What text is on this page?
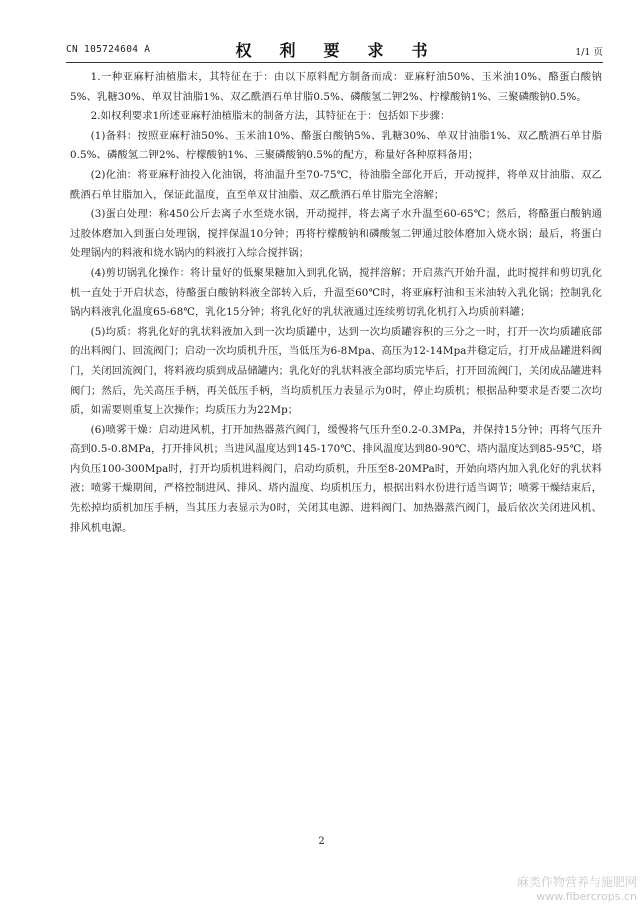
CN 105724604 A	权　利　要　求　书	1/1 页

1.一种亚麻籽油植脂末，其特征在于：由以下原料配方制备而成：亚麻籽油50%、玉米油10%、酪蛋白酸钠5%、乳糖30%、单双甘油脂1%、双乙酰酒石单甘脂0.5%、磷酸氢二钾2%、柠檬酸钠1%、三聚磷酸钠0.5%。

2.如权利要求1所述亚麻籽油植脂末的制备方法，其特征在于：包括如下步骤：

(1)备料：按照亚麻籽油50%、玉米油10%、酪蛋白酸钠5%、乳糖30%、单双甘油脂1%、双乙酰酒石单甘脂0.5%、磷酸氢二钾2%、柠檬酸钠1%、三聚磷酸钠0.5%的配方，称量好各种原料备用；

(2)化油：将亚麻籽油投入化油锅，将油温升至70-75℃，待油脂全部化开后，开动搅拌，将单双甘油脂、双乙酰酒石单甘脂加入，保证此温度，直至单双甘油脂、双乙酰酒石单甘脂完全溶解；

(3)蛋白处理：称450公斤去离子水至烧水锅，开动搅拌，将去离子水升温至60-65℃；然后，将酪蛋白酸钠通过胶体磨加入到蛋白处理锅，搅拌保温10分钟；再将柠檬酸钠和磷酸氢二钾通过胶体磨加入烧水锅；最后，将蛋白处理锅内的料液和烧水锅内的料液打入综合搅拌锅；

(4)剪切锅乳化操作：将计量好的低聚果糖加入到乳化锅，搅拌溶解；开启蒸汽开始升温，此时搅拌和剪切乳化机一直处于开启状态，待酪蛋白酸钠料液全部转入后，升温至60℃时，将亚麻籽油和玉米油转入乳化锅；控制乳化锅内料液乳化温度65-68℃，乳化15分钟；将乳化好的乳状液通过连续剪切乳化机打入均质前料罐；

(5)均质：将乳化好的乳状料液加入到一次均质罐中，达到一次均质罐容积的三分之一时，打开一次均质罐底部的出料阀门、回流阀门；启动一次均质机升压，当低压为6-8Mpa、高压为12-14Mpa并稳定后，打开成品罐进料阀门，关闭回流阀门，将料液均质到成品储罐内；乳化好的乳状料液全部均质完毕后，打开回流阀门，关闭成品罐进料阀门；然后，先关高压手柄，再关低压手柄，当均质机压力表显示为0时，停止均质机；根据品种要求是否要二次均质，如需要则重复上次操作；均质压力为22Mp；

(6)喷雾干燥：启动进风机，打开加热器蒸汽阀门，缓慢将气压升至0.2-0.3MPa，并保持15分钟；再将气压升高到0.5-0.8MPa，打开排风机；当进风温度达到145-170℃、排风温度达到80-90℃、塔内温度达到85-95℃，塔内负压100-300Mpa时，打开均质机进料阀门，启动均质机，升压至8-20MPa时，开始向塔内加入乳化好的乳状料液；喷雾干燥期间，严格控制进风、排风、塔内温度、均质机压力，根据出料水份进行适当调节；喷雾干燥结束后，先松掉均质机加压手柄，当其压力表显示为0时，关闭其电源、进料阀门、加热器蒸汽阀门，最后依次关闭进风机、排风机电源。

2
麻类作物营养与施肥网
www.fibercrops.cn
